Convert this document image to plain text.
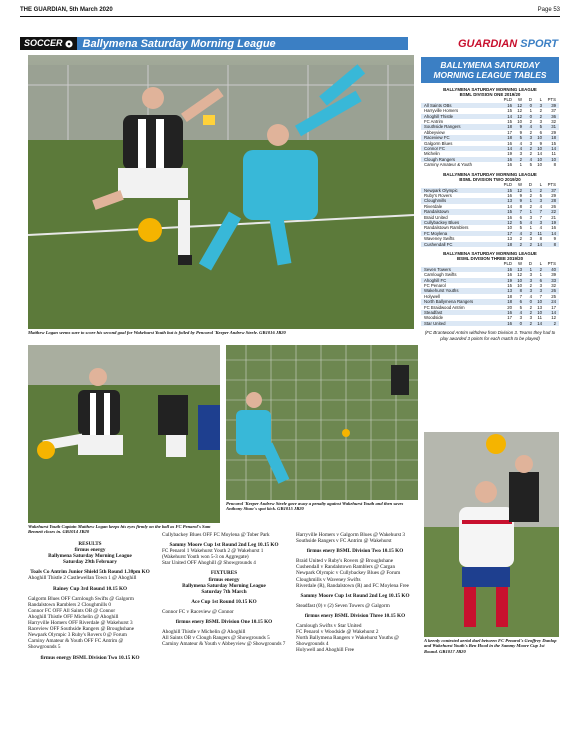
THE GUARDIAN, 5th March 2020	Page 53
SOCCER	Ballymena Saturday Morning League	GUARDIAN SPORT
Matthew Logan seems sure to score his second goal for Wakehurst Youth but is foiled by Pencarol 'Keeper Andrew Steele. GB1016 JB20
Wakehurst Youth Captain Matthew Logan keeps his eyes firmly on the ball as FC Penarol's Sam Bennett closes in. GB1014 JB20
Pencarol 'Keeper Andrew Steele gave away a penalty against Wakehurst Youth and then saves Anthony Shaw's spot kick. GB1015 JB20
A keenly contested aerial duel between FC Penarol's Geoffrey Dunlop and Wakehurst Youth's Ben Hood in the Sammy Moore Cup 1st Round. GB1017 JB20
BALLYMENA SATURDAY MORNING LEAGUE TABLES
BALLYMENA SATURDAY MORNING LEAGUE
BSML DIVISION ONE 2019/20
PLD	W	D	L	PTS
All Saints OBs	16	12	0	3	39
Harryville Homers	15	12	1	2	37
Ahoghill Thistle	14	12	0	2	36
FC Antrim	15	10	2	3	32
Southside Rangers	18	9	4	5	31
Abbeyview	17	9	2	6	29
Raceview FC	18	5	3	10	18
Galgorm Blues	16	4	3	9	15
Connor FC	14	4	2	10	14
Michelin	19	3	2	14	11
Clough Rangers	16	2	4	10	10
Carniny Amateur & Youth	16	1	5	10	8
BALLYMENA SATURDAY MORNING LEAGUE
BSML DIVISION TWO 2019/20
PLD	W	D	L	PTS
Newpark Olympic	15	12	1	2	37
Ruby's Rovers	16	9	2	5	29
Cloughmills	13	9	1	3	28
Riverdale	14	8	2	4	26
Randalstown	15	7	1	7	22
Braid United	16	6	3	7	21
Cullybackey Blues	12	5	4	3	19
Randalstown Ramblers	10	5	1	4	16
FC Moylena	17	4	2	11	14
Waveney Swifts	13	2	3	8	9
Cushendall FC	18	2	2	14	8
BALLYMENA SATURDAY MORNING LEAGUE
BSML DIVISION THREE 2019/20
PLD	W	D	L	PTS
Seven Towers	16	13	1	2	40
Carnlough Swifts	16	12	3	1	39
Ahoghill FC	19	10	3	6	33
FC Penarol	15	10	2	3	32
Wakehurst Youths	13	8	3	3	26
Holywell	18	7	4	7	25
North Ballymena Rangers	18	6	0	10	24
FC Braidwood Antrim	20	5	2	13	17
Steadfast	16	4	2	10	14
Woodside	17	3	3	11	12
Star United	16	0	2	14	2
(FC Brantwood Antrim withdrew from Division 3. Teams they had to play awarded 3 points for each match to be played)
RESULTS
firmus energy
Ballymena Saturday Morning League
Saturday 29th February
Toals Co Antrim Junior Shield 5th Round 1.30pm KO
Ahoghill Thistle 2 Castlewellan Town 1 @ Ahoghill
Rainey Cup 3rd Round 10.15 KO
Galgorm Blues OFF Carnlough Swifts @ Galgorm
Randalstown Ramblers 2 Cloughmills 0
Connor FC OFF All Saints OB @ Connor
Ahoghill Thistle OFF Michelin @ Ahoghill
Harryville Homers OFF Riverdale @ Wakehurst 3
Raceview OFF Southside Rangers @ Broughshane
Newpark Olympic 3 Ruby's Rovers 0 @ Forum
Carniny Amateur & Youth OFF FC Antrim @ Showgrounds 5
firmus energy BSML Division Two 10.15 KO
Cullybackey Blues OFF FC Moylena @ Tober Park
Sammy Moore Cup 1st Round 2nd Leg 10.15 KO
FC Penarol 1 Wakehurst Youth 2 @ Wakehurst 1
(Wakehurst Youth won 5-3 on Aggregate)
Star United OFF Ahoghill @ Showgrounds 4
FIXTURES
firmus energy
Ballymena Saturday Morning League
Saturday 7th March
Ace Cup 1st Round 10.15 KO
Connor FC v Raceview @ Connor
firmus enery BSML Division One 10.15 KO
Ahoghill Thistle v Michelin @ Ahoghill
All Saints OB v Clough Rangers @ Showgrounds 5
Carniny Amateur & Youth v Abbeyview @ Showgrounds 7
Harryville Homers v Galgorm Blues @ Wakehurst 3
Southside Rangers v FC Antrim @ Wakehurst
firmus enery BSML Division Two 10.15 KO
Braid United v Ruby's Rovers @ Broughshane
Cushendall v Randalstown Ramblers @ Cargan
Newpark Olympic v Cullybackey Blues @ Forum
Cloughmills v Waveney Swifts
Riverdale (R), Randalstown (R) and FC Moylena Free
Sammy Moore Cup 1st Round 2nd Leg 10.15 KO
Steadfast (0) v (2) Seven Towers @ Galgorm
firmus enery BSML Division Three 10.15 KO
Carnlough Swifts v Star United
FC Penarol v Woodside @ Wakehurst 2
North Ballymena Rangers v Wakehurst Youths @ Showgrounds 4
Holywell and Ahoghill Free
